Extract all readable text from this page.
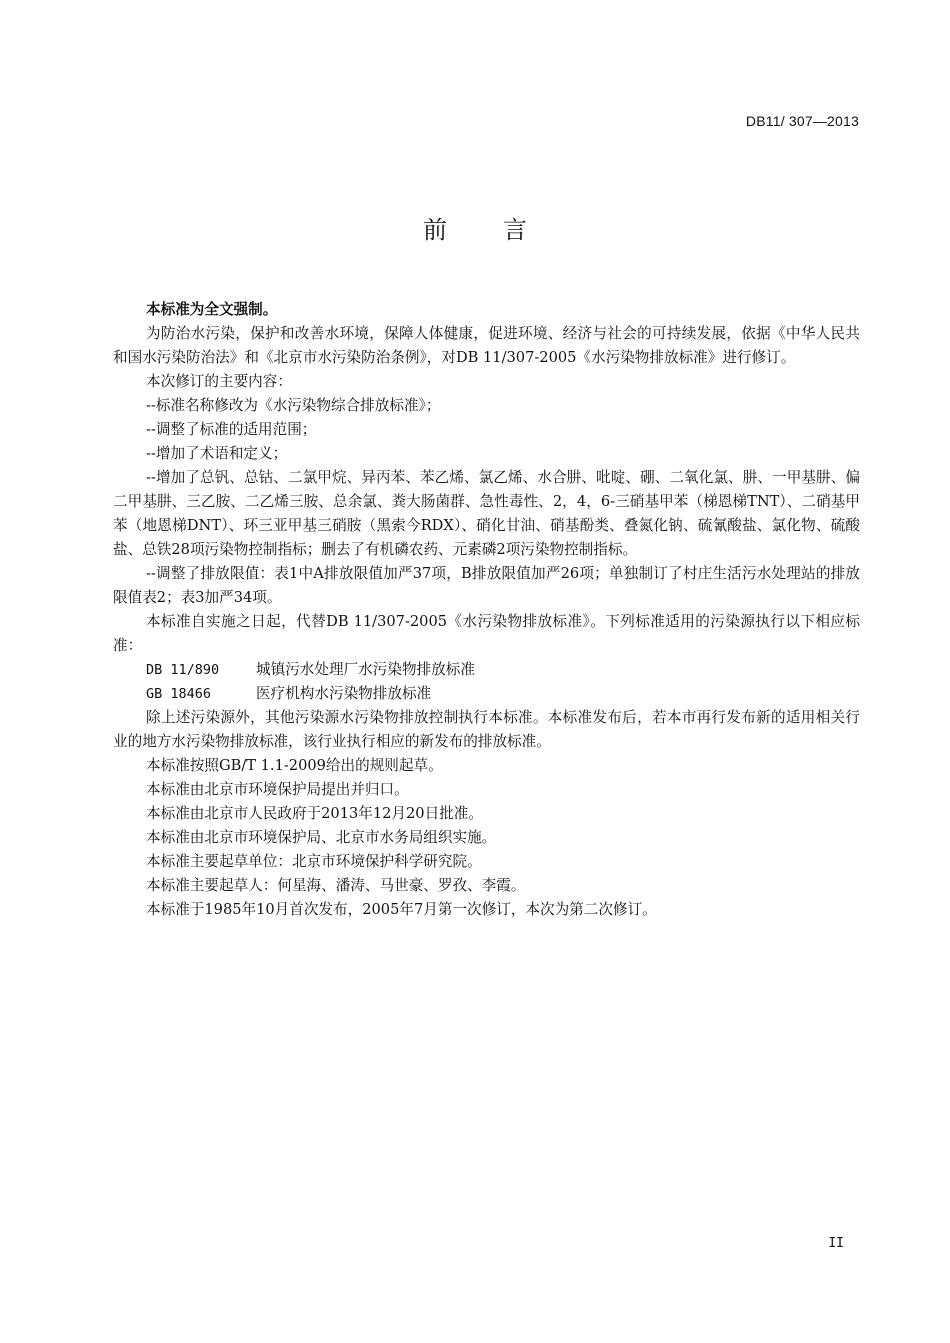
DB11/ 307—2013
前言

本标准为全文强制。

为防治水污染，保护和改善水环境，保障人体健康，促进环境、经济与社会的可持续发展，依据《中华人民共和国水污染防治法》和《北京市水污染防治条例》，对DB 11/307-2005《水污染物排放标准》进行修订。

本次修订的主要内容：

--标准名称修改为《水污染物综合排放标准》；

--调整了标准的适用范围；

--增加了术语和定义；

--增加了总钒、总钴、二氯甲烷、异丙苯、苯乙烯、氯乙烯、水合肼、吡啶、硼、二氧化氯、肼、一甲基肼、偏二甲基肼、三乙胺、二乙烯三胺、总余氯、粪大肠菌群、急性毒性、2，4，6-三硝基甲苯（梯恩梯TNT）、二硝基甲苯（地恩梯DNT）、环三亚甲基三硝胺（黑索今RDX）、硝化甘油、硝基酚类、叠氮化钠、硫氰酸盐、氯化物、硫酸盐、总铁28项污染物控制指标；删去了有机磷农药、元素磷2项污染物控制指标。

--调整了排放限值：表1中A排放限值加严37项，B排放限值加严26项；单独制订了村庄生活污水处理站的排放限值表2；表3加严34项。

本标准自实施之日起，代替DB 11/307-2005《水污染物排放标准》。下列标准适用的污染源执行以下相应标准：

DB 11/890	城镇污水处理厂水污染物排放标准
GB 18466	医疗机构水污染物排放标准

除上述污染源外，其他污染源水污染物排放控制执行本标准。本标准发布后，若本市再行发布新的适用相关行业的地方水污染物排放标准，该行业执行相应的新发布的排放标准。

本标准按照GB/T 1.1-2009给出的规则起草。

本标准由北京市环境保护局提出并归口。

本标准由北京市人民政府于2013年12月20日批准。

本标准由北京市环境保护局、北京市水务局组织实施。

本标准主要起草单位：北京市环境保护科学研究院。

本标准主要起草人：何星海、潘涛、马世豪、罗孜、李霞。

本标准于1985年10月首次发布，2005年7月第一次修订，本次为第二次修订。

II
